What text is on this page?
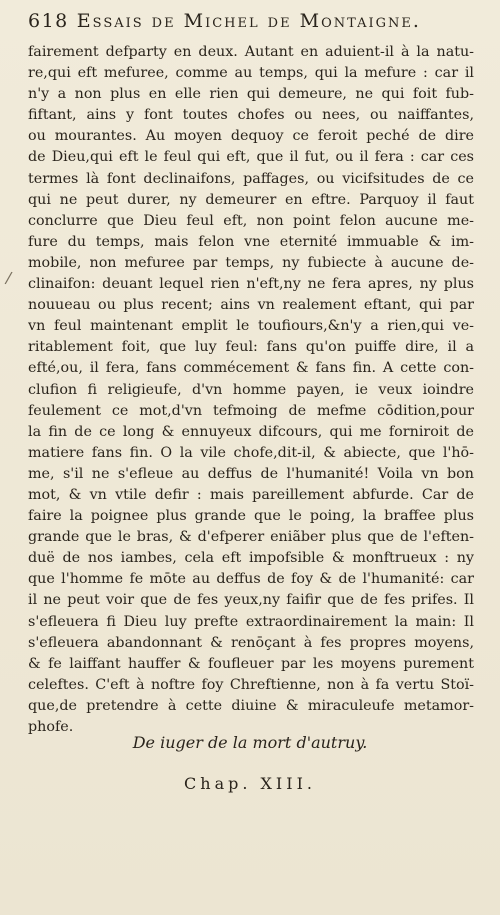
618 Essais de Michel de Montaigne.
fairement defparty en deux. Autant en aduient-il à la natu-
re,qui eft mefuree, comme au temps, qui la mefure : car il
n'y a non plus en elle rien qui demeure, ne qui foit fub-
fiftant, ains y font toutes chofes ou nees, ou naiffantes,
ou mourantes. Au moyen dequoy ce feroit peché de dire
de Dieu,qui eft le feul qui eft, que il fut, ou il fera : car ces
termes là font declinaifons, paffages, ou vicifsitudes de ce
qui ne peut durer, ny demeurer en eftre. Parquoy il faut
conclurre que Dieu feul eft, non point felon aucune me-
fure du temps, mais felon vne eternité immuable & im-
mobile, non mefuree par temps, ny fubiecte à aucune de-
clinaifon: deuant lequel rien n'eft,ny ne fera apres, ny plus
nouueau ou plus recent; ains vn realement eftant, qui par
vn feul maintenant emplit le toufiours,&n'y a rien,qui ve-
ritablement foit, que luy feul: fans qu'on puiffe dire, il a
efté,ou, il fera, fans commécement & fans fin. A cette con-
clufion fi religieufe, d'vn homme payen, ie veux ioindre
feulement ce mot,d'vn tefmoing de mefme cōdition,pour
la fin de ce long & ennuyeux difcours, qui me forniroit de
matiere fans fin. O la vile chofe,dit-il, & abiecte, que l'hō-
me, s'il ne s'efleue au deffus de l'humanité! Voila vn bon
mot, & vn vtile defir : mais pareillement abfurde. Car de
faire la poignee plus grande que le poing, la braffee plus
grande que le bras, & d'efperer eniãber plus que de l'eften-
duë de nos iambes, cela eft impofsible & monftrueux : ny
que l'homme fe mōte au deffus de foy & de l'humanité: car
il ne peut voir que de fes yeux,ny faifir que de fes prifes. Il
s'efleuera fi Dieu luy prefte extraordinairement la main: Il
s'efleuera abandonnant & renōçant à fes propres moyens,
& fe laiffant hauffer & foufleuer par les moyens purement
celeftes. C'eft à noftre foy Chreftienne, non à fa vertu Stoï-
que,de pretendre à cette diuine & miraculeufe metamor-
phofe.
De iuger de la mort d'autruy.
Chap. XIII.
/
